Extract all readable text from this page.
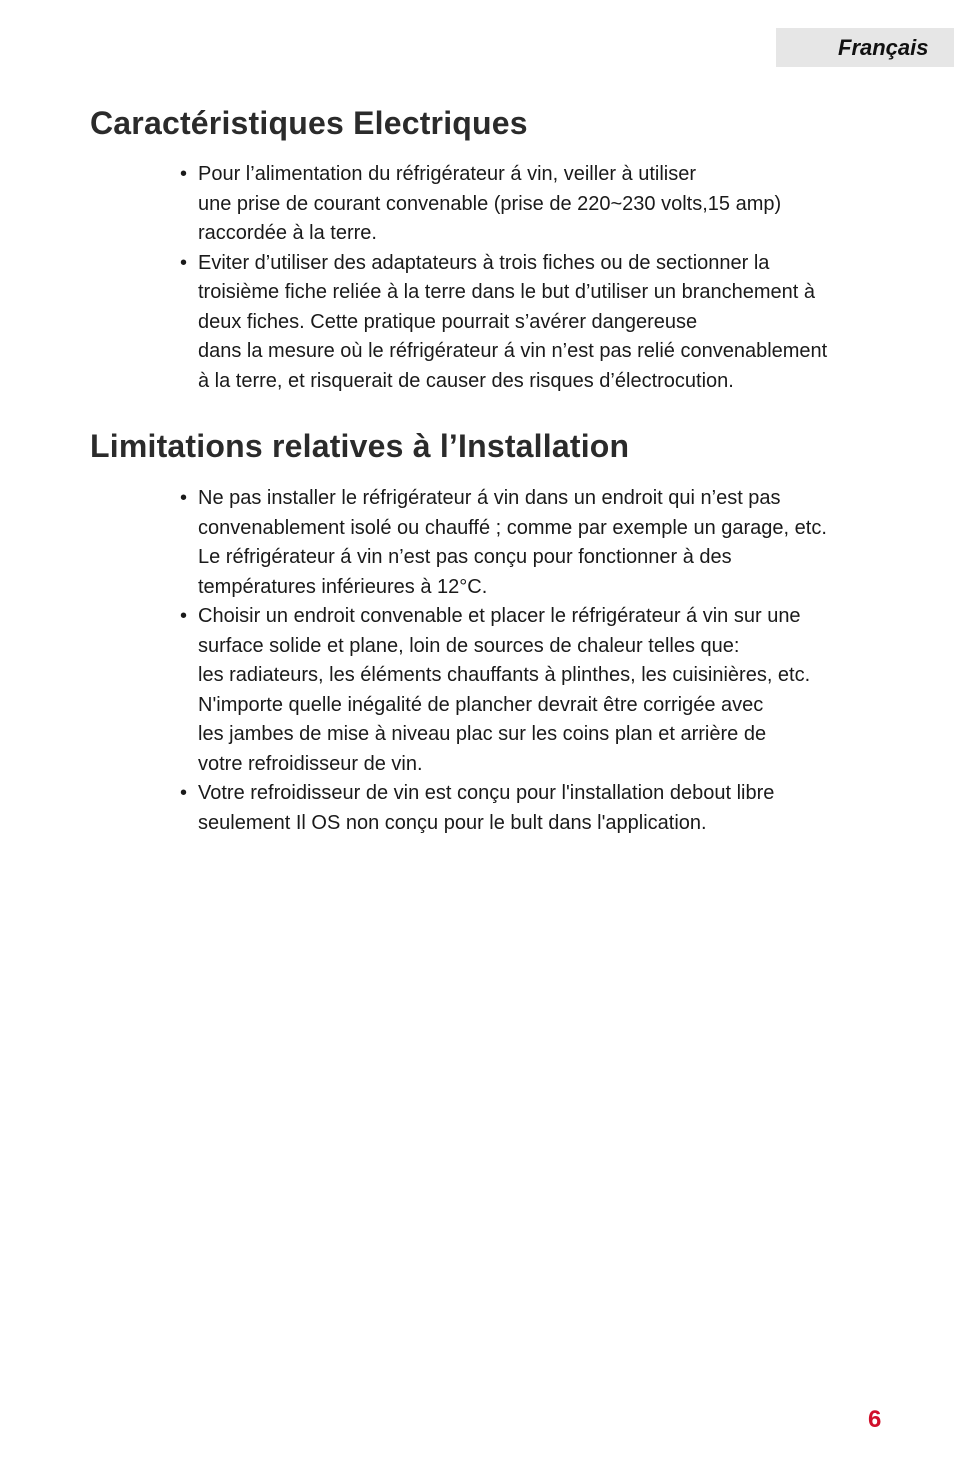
Français
Caractéristiques Electriques
• Pour l’alimentation du réfrigérateur á vin, veiller à utiliser
une prise de courant convenable (prise de 220~230 volts,15 amp)
raccordée à la terre.
• Eviter d’utiliser des adaptateurs à trois fiches ou de sectionner la
troisième fiche reliée à la terre dans le but d’utiliser un branchement à
deux fiches. Cette pratique pourrait s’avérer dangereuse
dans la mesure où le réfrigérateur á vin n’est pas relié convenablement
à la terre, et risquerait de causer des risques d’électrocution.
Limitations relatives à l’Installation
• Ne pas installer le réfrigérateur á vin dans un endroit qui n’est pas
convenablement isolé ou chauffé ; comme par exemple un garage, etc.
Le réfrigérateur á vin n’est pas conçu pour fonctionner à des
températures inférieures à 12°C.
• Choisir un endroit convenable et placer le réfrigérateur á vin sur une
surface solide et plane, loin de sources de chaleur telles que:
les radiateurs, les éléments chauffants à plinthes, les cuisinières, etc.
N'importe quelle inégalité de plancher devrait être corrigée avec
les jambes de mise à niveau plac sur les coins plan et arrière de
votre refroidisseur de vin.
• Votre refroidisseur de vin est conçu pour l'installation debout libre
seulement Il OS non conçu pour le bult dans l'application.
6
